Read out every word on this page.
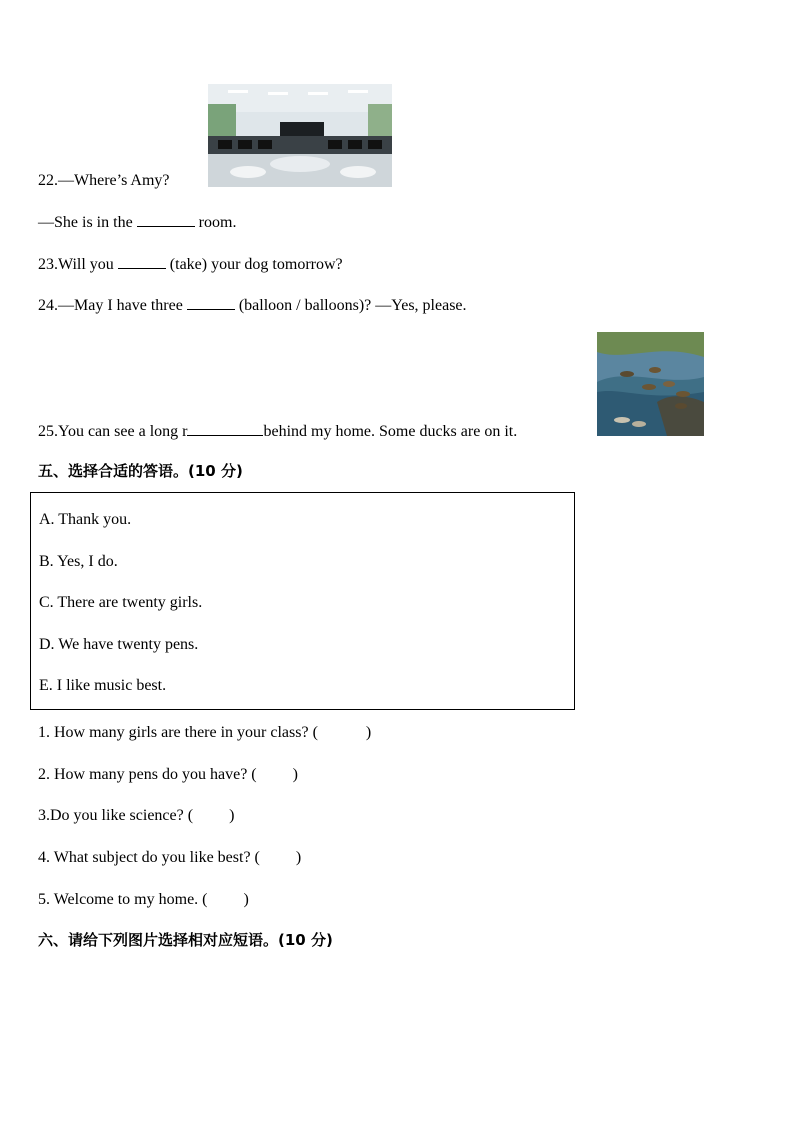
22.—Where’s Amy?
—She is in the	room.
23.Will you	(take) your dog tomorrow?
24.—May I have three	(balloon / balloons)? —Yes, please.
25.You can see a long r	behind my home. Some ducks are on it.
五、选择合适的答语。(10 分)
A. Thank you.
B. Yes, I do.
C. There are twenty girls.
D. We have twenty pens.
E. I like music best.
1. How many girls are there in your class? (　　　)
2. How many pens do you have? (　　 )
3.Do you like science? (　　 )
4. What subject do you like best? (　　 )
5. Welcome to my home. (　　 )
六、请给下列图片选择相对应短语。(10 分)
